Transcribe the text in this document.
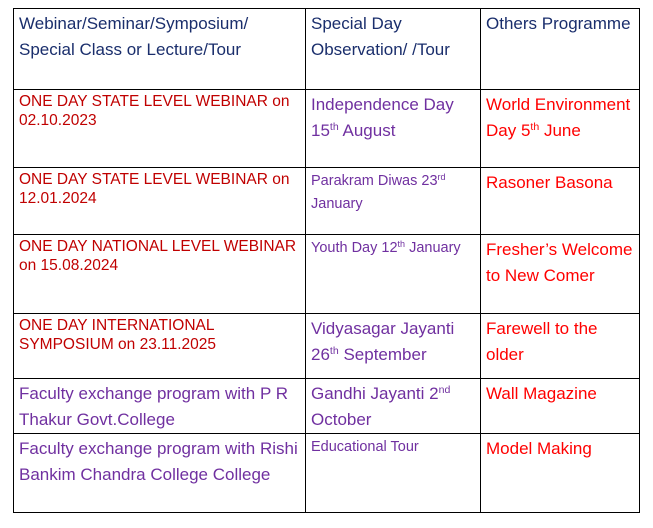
Webinar/Seminar/Symposium/ Special Class or Lecture/Tour	Special Day Observation/ /Tour	Others Programme
ONE DAY STATE LEVEL WEBINAR on 02.10.2023	Independence Day 15th August	World Environment Day 5th June
ONE DAY STATE LEVEL WEBINAR on 12.01.2024	Parakram Diwas 23rd January	Rasoner Basona
ONE DAY NATIONAL LEVEL WEBINAR on 15.08.2024	Youth Day 12th January	Fresher’s Welcome to New Comer
ONE DAY INTERNATIONAL SYMPOSIUM on 23.11.2025	Vidyasagar Jayanti 26th September	Farewell to the older
Faculty exchange program with P R Thakur Govt.College	Gandhi Jayanti 2nd October	Wall Magazine
Faculty exchange program with Rishi Bankim Chandra College College	Educational Tour	Model Making
